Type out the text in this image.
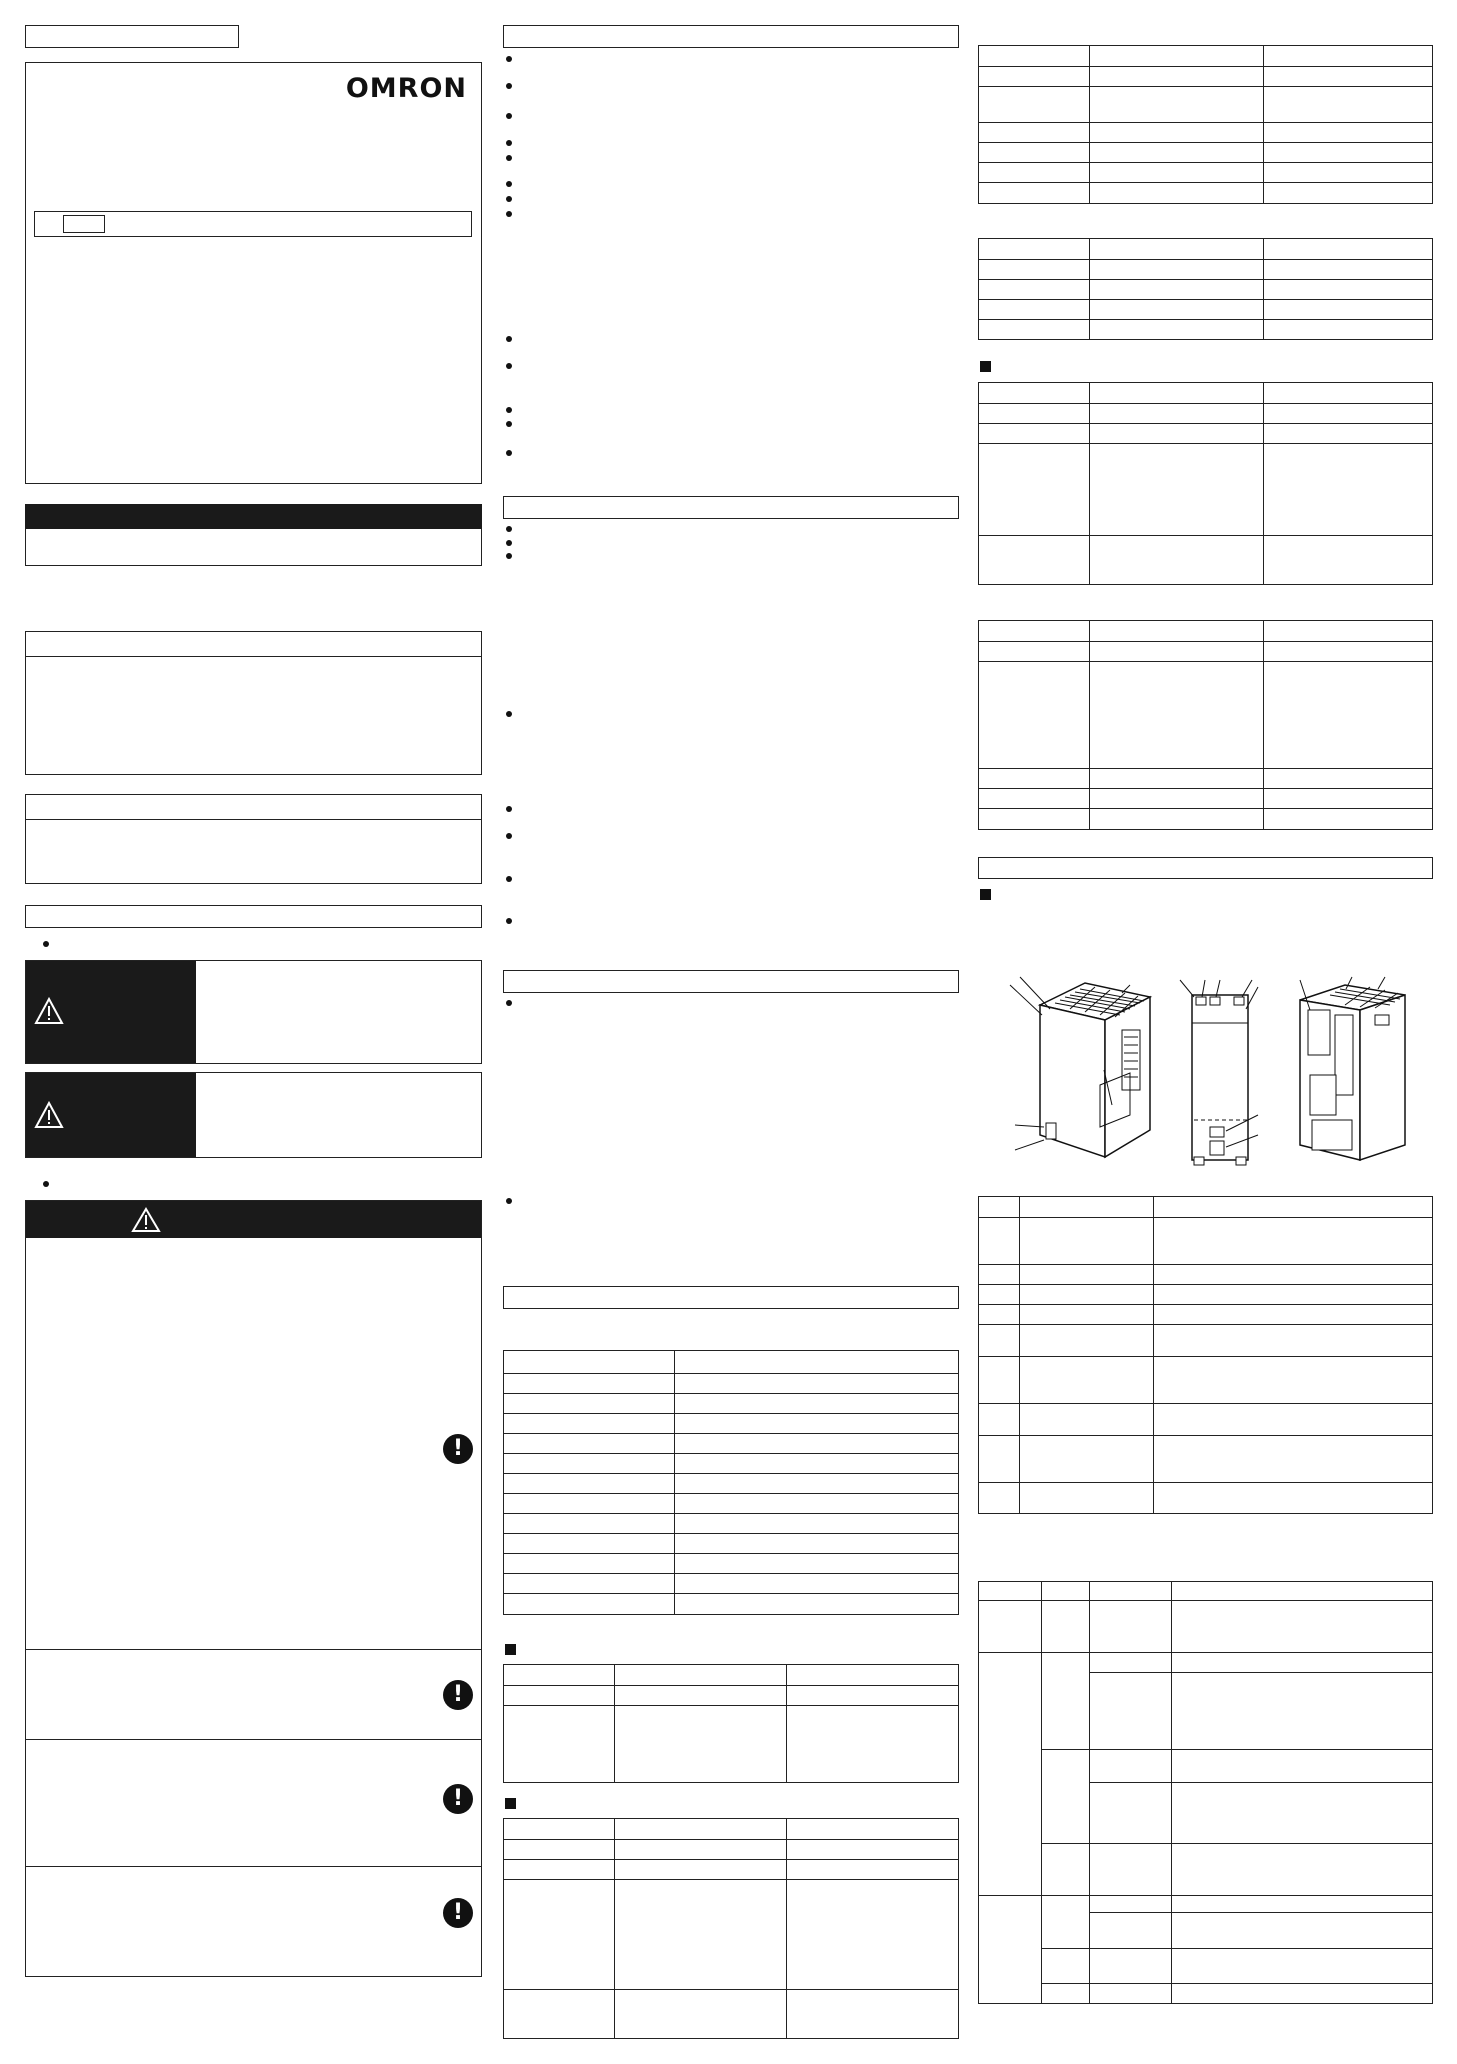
OMRON
!
!
!
!
